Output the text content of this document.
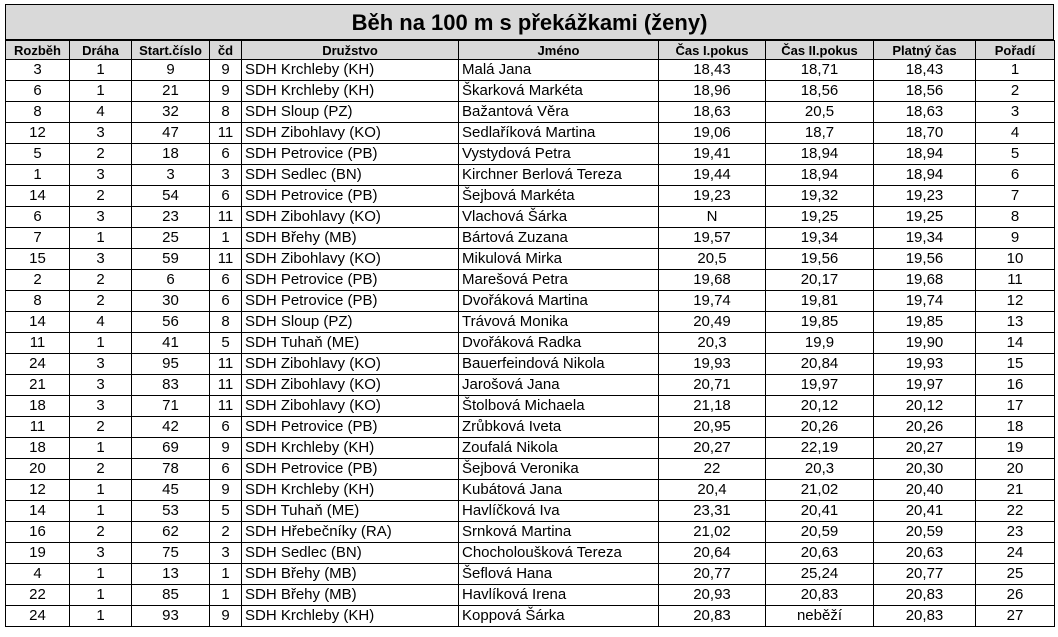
Běh na 100 m s překážkami (ženy)
Rozběh	Dráha	Start.číslo	čd	Družstvo	Jméno	Čas I.pokus	Čas II.pokus	Platný čas	Pořadí
3	1	9	9	SDH Krchleby (KH)	Malá Jana	18,43	18,71	18,43	1
6	1	21	9	SDH Krchleby (KH)	Škarková Markéta	18,96	18,56	18,56	2
8	4	32	8	SDH Sloup (PZ)	Bažantová Věra	18,63	20,5	18,63	3
12	3	47	11	SDH Zibohlavy (KO)	Sedlaříková Martina	19,06	18,7	18,70	4
5	2	18	6	SDH Petrovice (PB)	Vystydová Petra	19,41	18,94	18,94	5
1	3	3	3	SDH Sedlec (BN)	Kirchner Berlová Tereza	19,44	18,94	18,94	6
14	2	54	6	SDH Petrovice (PB)	Šejbová Markéta	19,23	19,32	19,23	7
6	3	23	11	SDH Zibohlavy (KO)	Vlachová Šárka	N	19,25	19,25	8
7	1	25	1	SDH Břehy (MB)	Bártová Zuzana	19,57	19,34	19,34	9
15	3	59	11	SDH Zibohlavy (KO)	Mikulová Mirka	20,5	19,56	19,56	10
2	2	6	6	SDH Petrovice (PB)	Marešová Petra	19,68	20,17	19,68	11
8	2	30	6	SDH Petrovice (PB)	Dvořáková Martina	19,74	19,81	19,74	12
14	4	56	8	SDH Sloup (PZ)	Trávová Monika	20,49	19,85	19,85	13
11	1	41	5	SDH Tuhaň (ME)	Dvořáková Radka	20,3	19,9	19,90	14
24	3	95	11	SDH Zibohlavy (KO)	Bauerfeindová Nikola	19,93	20,84	19,93	15
21	3	83	11	SDH Zibohlavy (KO)	Jarošová Jana	20,71	19,97	19,97	16
18	3	71	11	SDH Zibohlavy (KO)	Štolbová Michaela	21,18	20,12	20,12	17
11	2	42	6	SDH Petrovice (PB)	Zrůbková Iveta	20,95	20,26	20,26	18
18	1	69	9	SDH Krchleby (KH)	Zoufalá Nikola	20,27	22,19	20,27	19
20	2	78	6	SDH Petrovice (PB)	Šejbová Veronika	22	20,3	20,30	20
12	1	45	9	SDH Krchleby (KH)	Kubátová Jana	20,4	21,02	20,40	21
14	1	53	5	SDH Tuhaň (ME)	Havlíčková Iva	23,31	20,41	20,41	22
16	2	62	2	SDH Hřebečníky (RA)	Srnková Martina	21,02	20,59	20,59	23
19	3	75	3	SDH Sedlec (BN)	Chocholoušková Tereza	20,64	20,63	20,63	24
4	1	13	1	SDH Břehy (MB)	Šeflová Hana	20,77	25,24	20,77	25
22	1	85	1	SDH Břehy (MB)	Havlíková Irena	20,93	20,83	20,83	26
24	1	93	9	SDH Krchleby (KH)	Koppová Šárka	20,83	neběží	20,83	27
